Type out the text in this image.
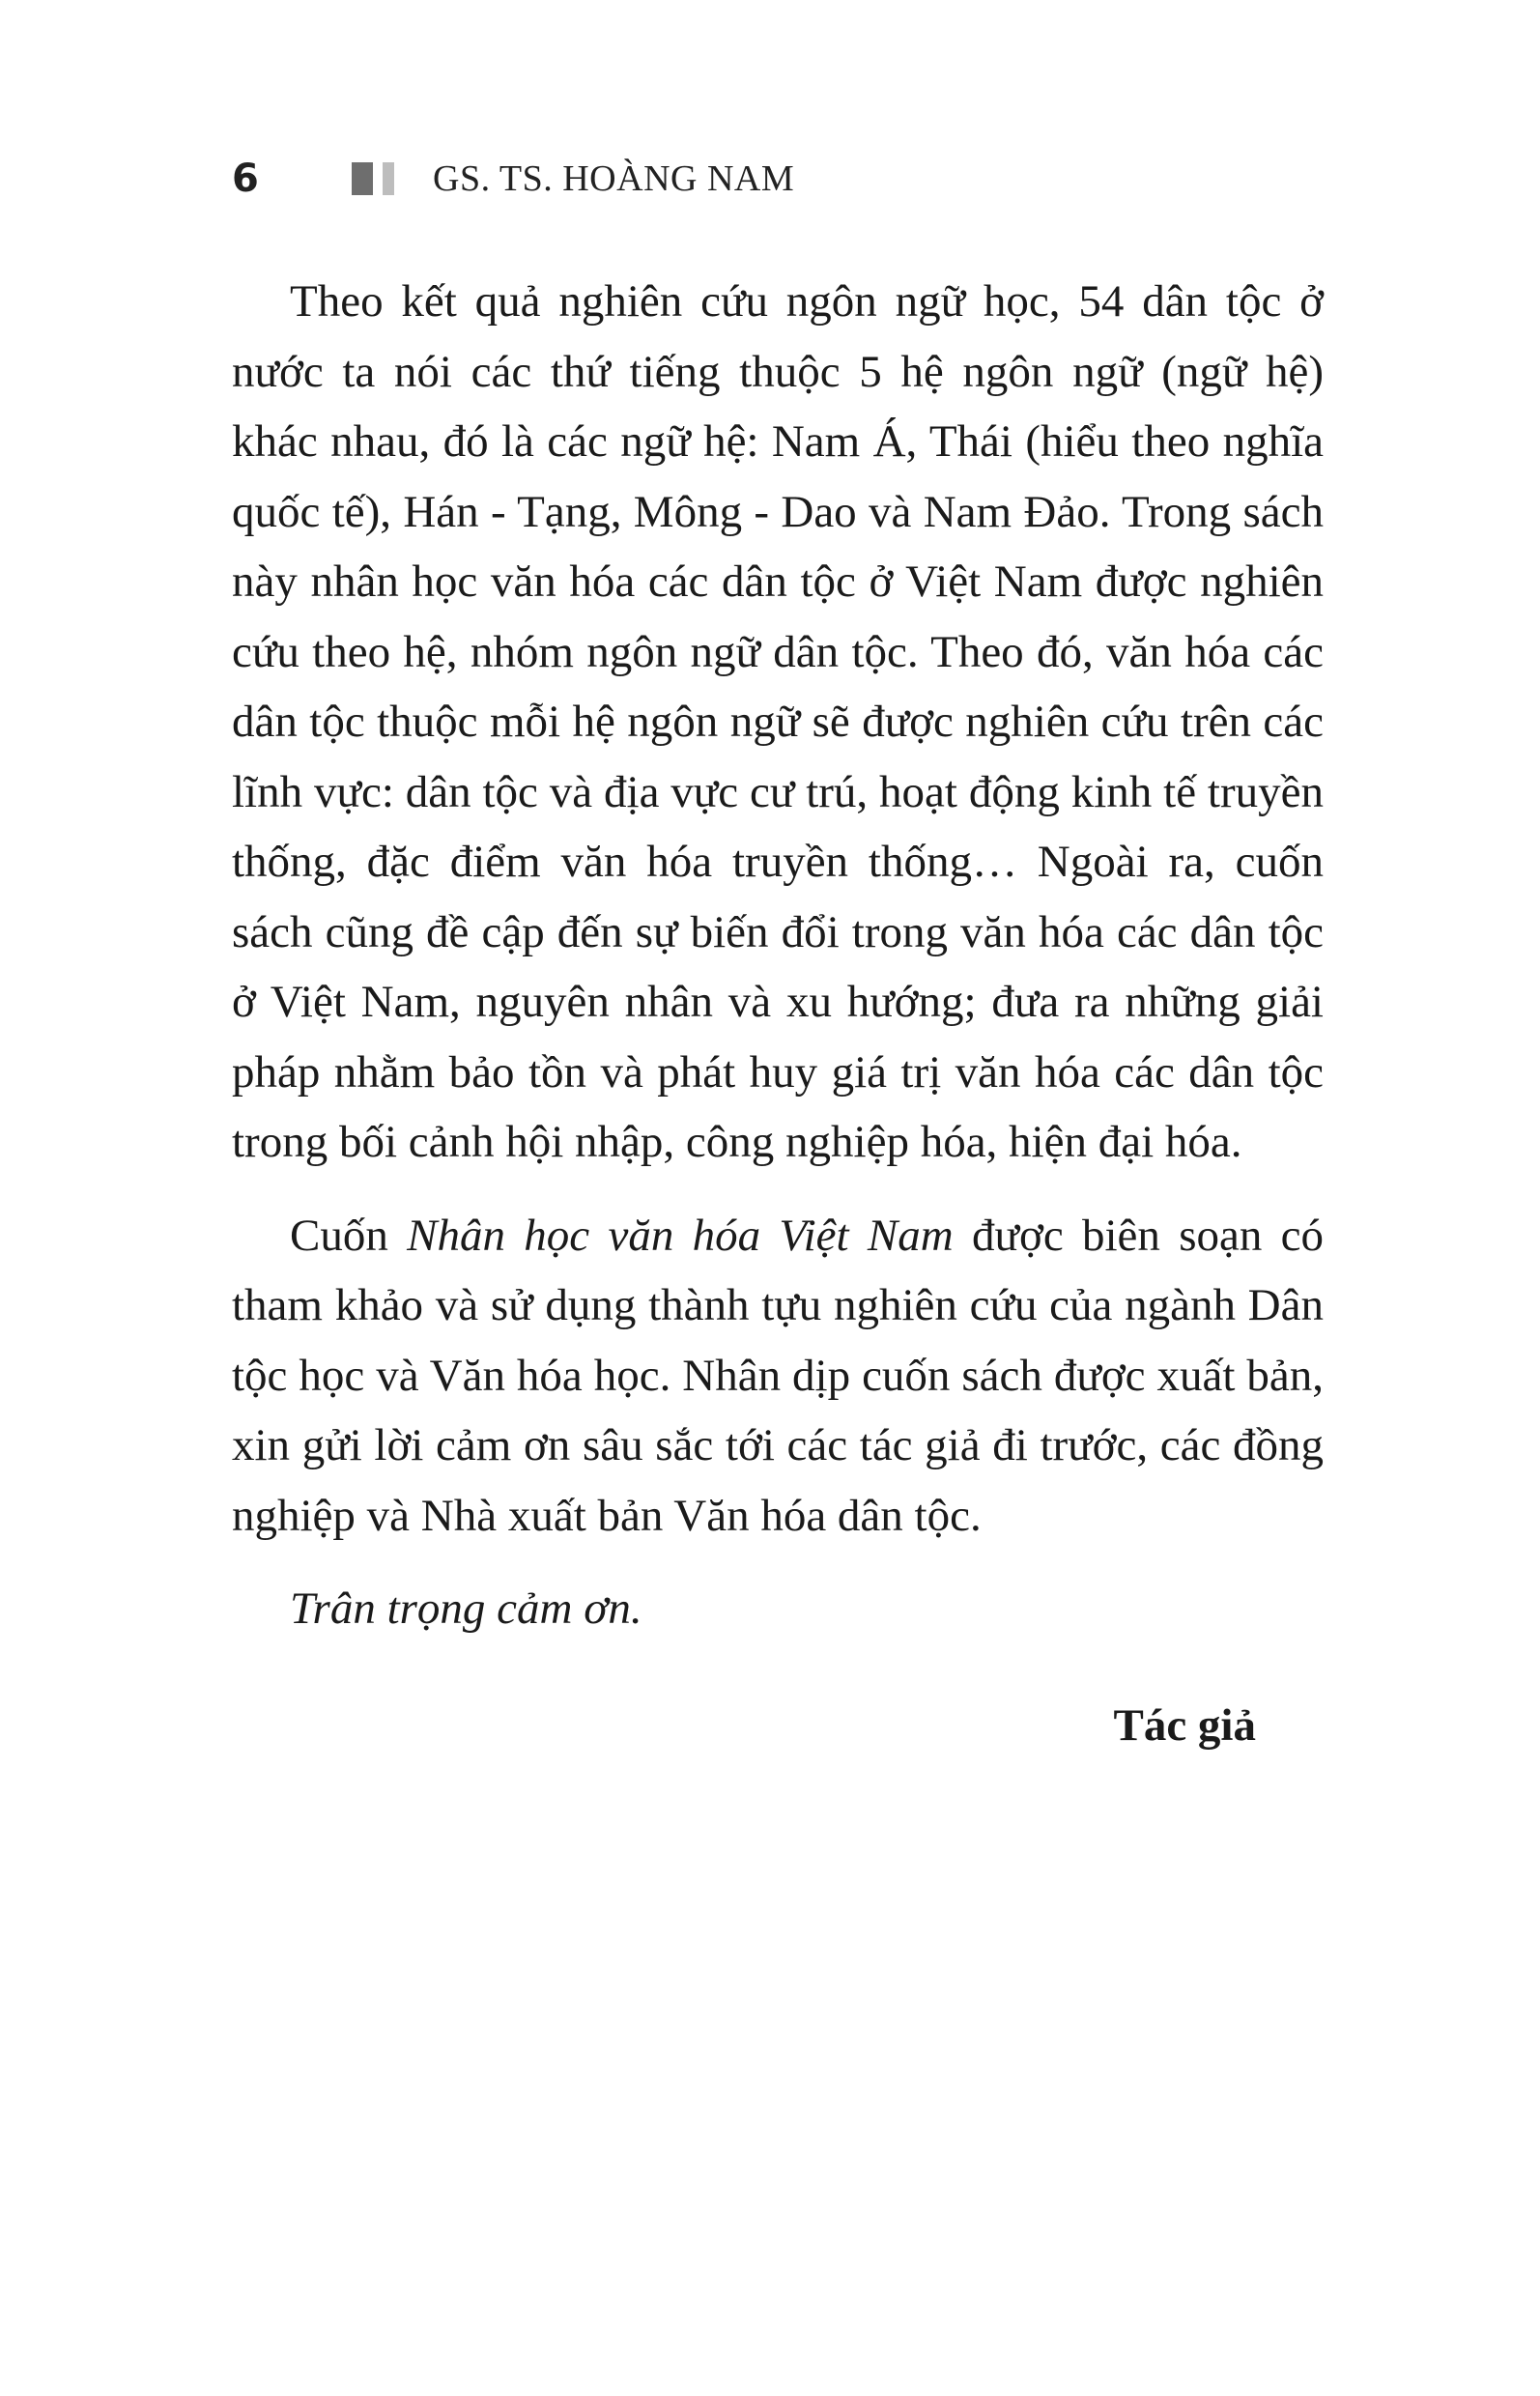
6	GS. TS. HOÀNG NAM

Theo kết quả nghiên cứu ngôn ngữ học, 54 dân tộc ở nước ta nói các thứ tiếng thuộc 5 hệ ngôn ngữ (ngữ hệ) khác nhau, đó là các ngữ hệ: Nam Á, Thái (hiểu theo nghĩa quốc tế), Hán - Tạng, Mông - Dao và Nam Đảo. Trong sách này nhân học văn hóa các dân tộc ở Việt Nam được nghiên cứu theo hệ, nhóm ngôn ngữ dân tộc. Theo đó, văn hóa các dân tộc thuộc mỗi hệ ngôn ngữ sẽ được nghiên cứu trên các lĩnh vực: dân tộc và địa vực cư trú, hoạt động kinh tế truyền thống, đặc điểm văn hóa truyền thống… Ngoài ra, cuốn sách cũng đề cập đến sự biến đổi trong văn hóa các dân tộc ở Việt Nam, nguyên nhân và xu hướng; đưa ra những giải pháp nhằm bảo tồn và phát huy giá trị văn hóa các dân tộc trong bối cảnh hội nhập, công nghiệp hóa, hiện đại hóa.

Cuốn Nhân học văn hóa Việt Nam được biên soạn có tham khảo và sử dụng thành tựu nghiên cứu của ngành Dân tộc học và Văn hóa học. Nhân dịp cuốn sách được xuất bản, xin gửi lời cảm ơn sâu sắc tới các tác giả đi trước, các đồng nghiệp và Nhà xuất bản Văn hóa dân tộc.

Trân trọng cảm ơn.

Tác giả
